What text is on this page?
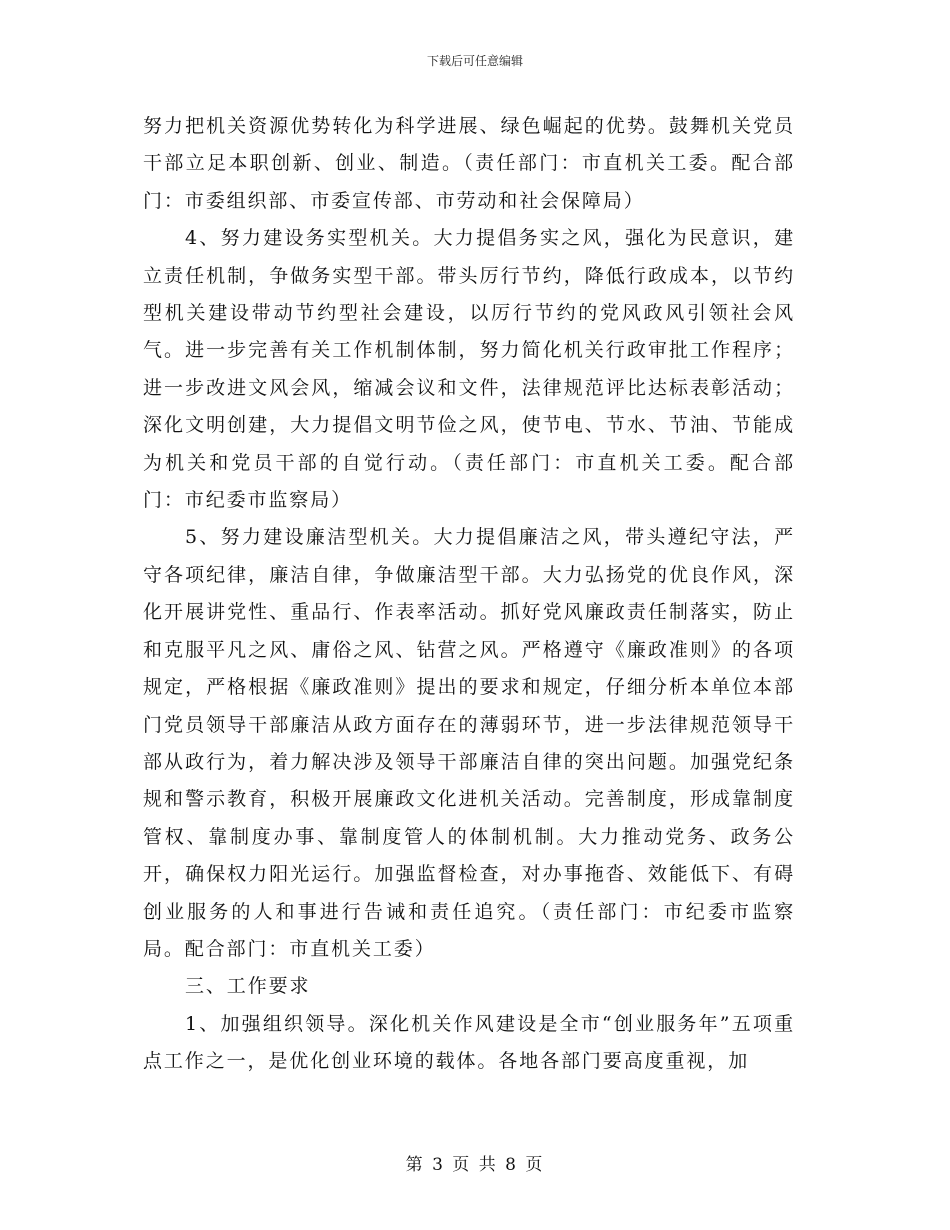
下载后可任意编辑

努力把机关资源优势转化为科学进展、绿色崛起的优势。鼓舞机关党员干部立足本职创新、创业、制造。（责任部门：市直机关工委。配合部门：市委组织部、市委宣传部、市劳动和社会保障局）

4、努力建设务实型机关。大力提倡务实之风，强化为民意识，建立责任机制，争做务实型干部。带头厉行节约，降低行政成本，以节约型机关建设带动节约型社会建设，以厉行节约的党风政风引领社会风气。进一步完善有关工作机制体制，努力简化机关行政审批工作程序；进一步改进文风会风，缩减会议和文件，法律规范评比达标表彰活动；深化文明创建，大力提倡文明节俭之风，使节电、节水、节油、节能成为机关和党员干部的自觉行动。（责任部门：市直机关工委。配合部门：市纪委市监察局）

5、努力建设廉洁型机关。大力提倡廉洁之风，带头遵纪守法，严守各项纪律，廉洁自律，争做廉洁型干部。大力弘扬党的优良作风，深化开展讲党性、重品行、作表率活动。抓好党风廉政责任制落实，防止和克服平凡之风、庸俗之风、钻营之风。严格遵守《廉政准则》的各项规定，严格根据《廉政准则》提出的要求和规定，仔细分析本单位本部门党员领导干部廉洁从政方面存在的薄弱环节，进一步法律规范领导干部从政行为，着力解决涉及领导干部廉洁自律的突出问题。加强党纪条规和警示教育，积极开展廉政文化进机关活动。完善制度，形成靠制度管权、靠制度办事、靠制度管人的体制机制。大力推动党务、政务公开，确保权力阳光运行。加强监督检查，对办事拖沓、效能低下、有碍创业服务的人和事进行告诫和责任追究。（责任部门：市纪委市监察局。配合部门：市直机关工委）

三、工作要求

1、加强组织领导。深化机关作风建设是全市“创业服务年”五项重点工作之一，是优化创业环境的载体。各地各部门要高度重视，加

第 3 页 共 8 页
